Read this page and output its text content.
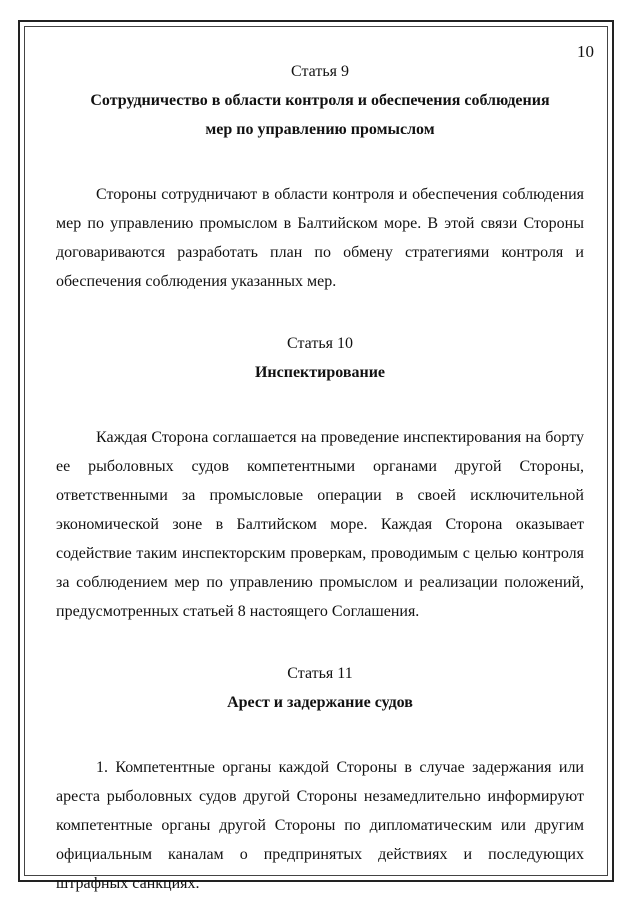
10

Статья 9

Сотрудничество в области контроля и обеспечения соблюдения
мер по управлению промыслом

Стороны сотрудничают в области контроля и обеспечения соблюдения мер по управлению промыслом в Балтийском море. В этой связи Стороны договариваются разработать план по обмену стратегиями контроля и обеспечения соблюдения указанных мер.

Статья 10

Инспектирование

Каждая Сторона соглашается на проведение инспектирования на борту ее рыболовных судов компетентными органами другой Стороны, ответственными за промысловые операции в своей исключительной экономической зоне в Балтийском море. Каждая Сторона оказывает содействие таким инспекторским проверкам, проводимым с целью контроля за соблюдением мер по управлению промыслом и реализации положений, предусмотренных статьей 8 настоящего Соглашения.

Статья 11

Арест и задержание судов

1. Компетентные органы каждой Стороны в случае задержания или ареста рыболовных судов другой Стороны незамедлительно информируют компетентные органы другой Стороны по дипломатическим или другим официальным каналам о предпринятых действиях и последующих штрафных санкциях.
